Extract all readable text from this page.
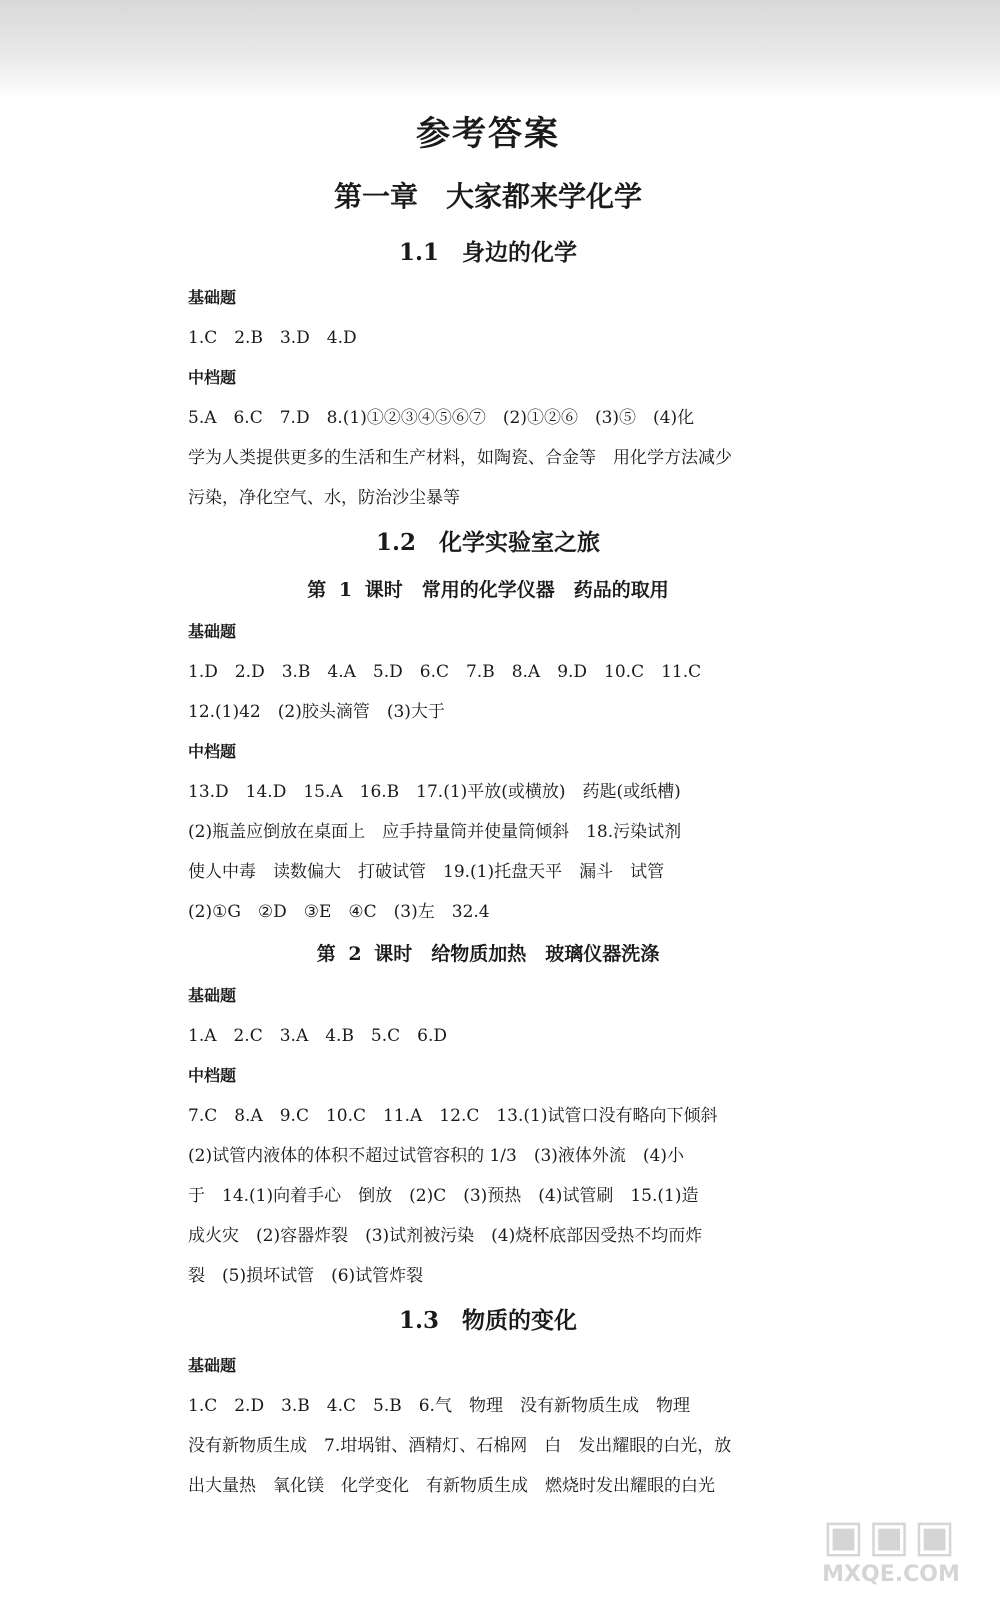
参考答案
第一章　大家都来学化学
1.1　身边的化学
基础题
1.C　2.B　3.D　4.D
中档题
5.A　6.C　7.D　8.(1)①②③④⑤⑥⑦　(2)①②⑥　(3)⑤　(4)化
学为人类提供更多的生活和生产材料，如陶瓷、合金等　用化学方法减少
污染，净化空气、水，防治沙尘暴等
1.2　化学实验室之旅
第 1 课时　常用的化学仪器　药品的取用
基础题
1.D　2.D　3.B　4.A　5.D　6.C　7.B　8.A　9.D　10.C　11.C
12.(1)42　(2)胶头滴管　(3)大于
中档题
13.D　14.D　15.A　16.B　17.(1)平放(或横放)　药匙(或纸槽)
(2)瓶盖应倒放在桌面上　应手持量筒并使量筒倾斜　18.污染试剂
使人中毒　读数偏大　打破试管　19.(1)托盘天平　漏斗　试管
(2)①G　②D　③E　④C　(3)左　32.4
第 2 课时　给物质加热　玻璃仪器洗涤
基础题
1.A　2.C　3.A　4.B　5.C　6.D
中档题
7.C　8.A　9.C　10.C　11.A　12.C　13.(1)试管口没有略向下倾斜
(2)试管内液体的体积不超过试管容积的 1/3　(3)液体外流　(4)小
于　14.(1)向着手心　倒放　(2)C　(3)预热　(4)试管刷　15.(1)造
成火灾　(2)容器炸裂　(3)试剂被污染　(4)烧杯底部因受热不均而炸
裂　(5)损坏试管　(6)试管炸裂
1.3　物质的变化
基础题
1.C　2.D　3.B　4.C　5.B　6.气　物理　没有新物质生成　物理
没有新物质生成　7.坩埚钳、酒精灯、石棉网　白　发出耀眼的白光，放
出大量热　氧化镁　化学变化　有新物质生成　燃烧时发出耀眼的白光
▣▣▣
MXQE.COM
